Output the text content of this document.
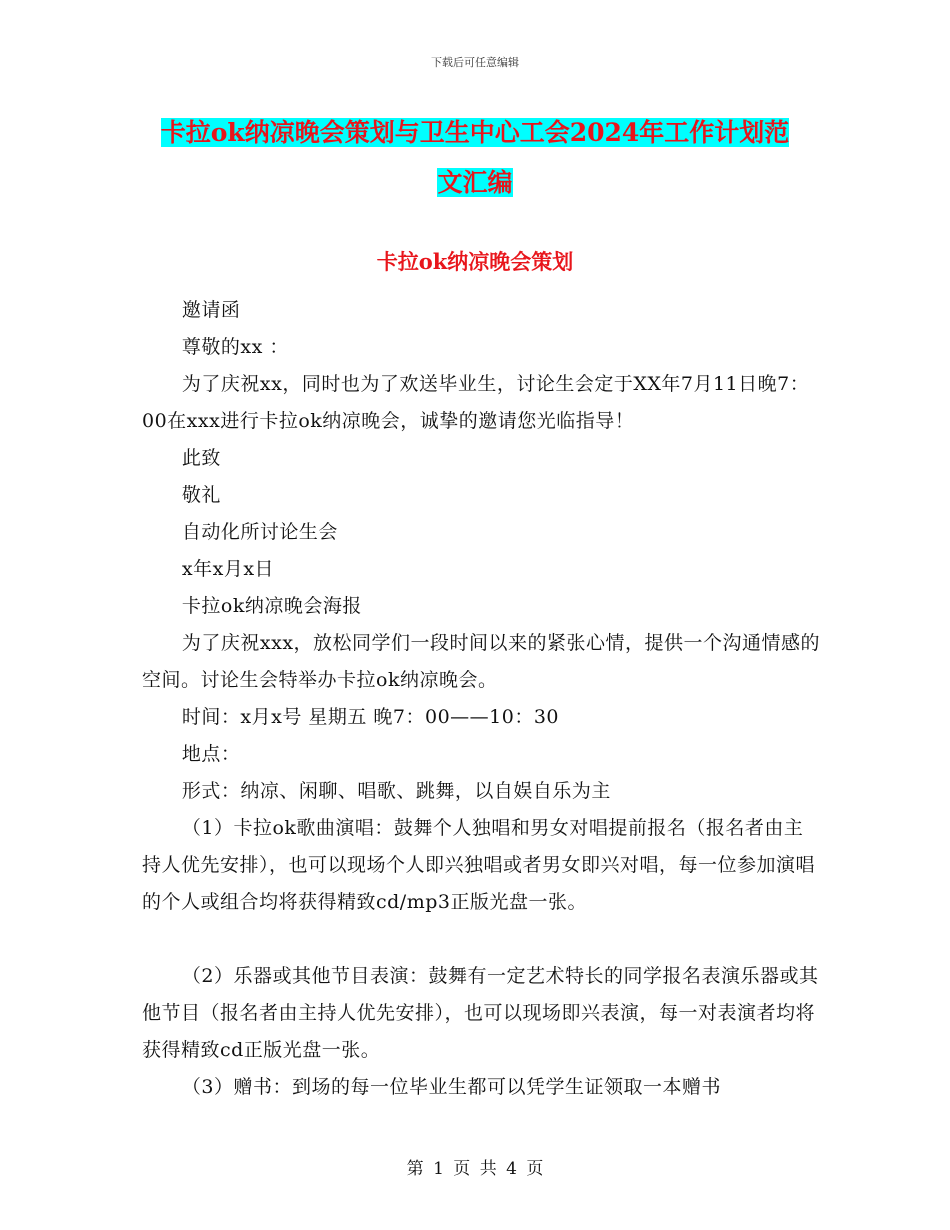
下载后可任意编辑
卡拉ok纳凉晚会策划与卫生中心工会2024年工作计划范文汇编
卡拉ok纳凉晚会策划

邀请函

尊敬的xx ：

为了庆祝xx，同时也为了欢送毕业生，讨论生会定于XX年7月11日晚7：00在xxx进行卡拉ok纳凉晚会，诚挚的邀请您光临指导！

此致

敬礼

自动化所讨论生会

x年x月x日

卡拉ok纳凉晚会海报

为了庆祝xxx，放松同学们一段时间以来的紧张心情，提供一个沟通情感的空间。讨论生会特举办卡拉ok纳凉晚会。

时间：x月x号 星期五 晚7：00——10：30

地点：

形式：纳凉、闲聊、唱歌、跳舞，以自娱自乐为主

（1）卡拉ok歌曲演唱：鼓舞个人独唱和男女对唱提前报名（报名者由主持人优先安排），也可以现场个人即兴独唱或者男女即兴对唱，每一位参加演唱的个人或组合均将获得精致cd/mp3正版光盘一张。

（2）乐器或其他节目表演：鼓舞有一定艺术特长的同学报名表演乐器或其他节目（报名者由主持人优先安排），也可以现场即兴表演，每一对表演者均将获得精致cd正版光盘一张。

（3）赠书：到场的每一位毕业生都可以凭学生证领取一本赠书

第 1 页 共 4 页
